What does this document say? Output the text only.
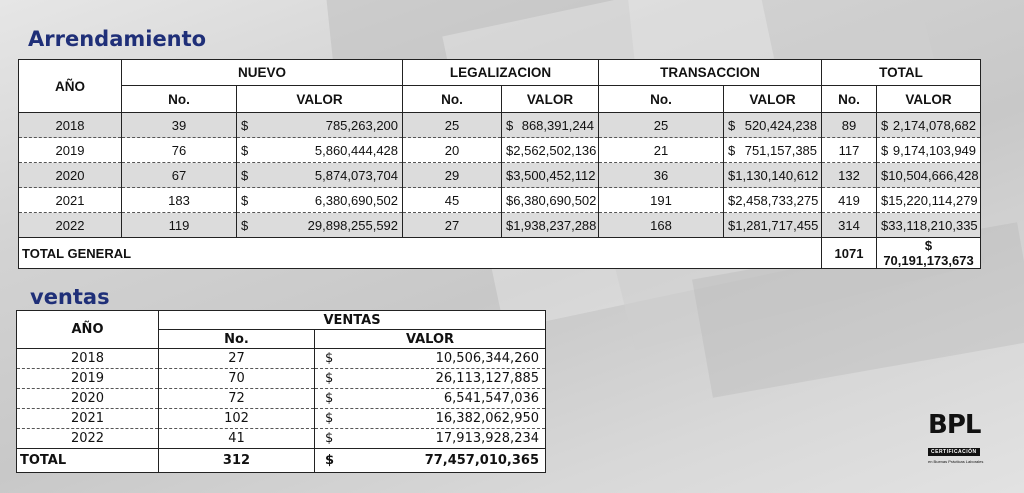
Arrendamiento
AÑO	NUEVO		LEGALIZACION		TRANSACCION		TOTAL	
	No.	VALOR	No.	VALOR	No.	VALOR	No.	VALOR
2018	39	$ 785,263,200	25	$ 868,391,244	25	$ 520,424,238	89	$ 2,174,078,682

2019	76	$ 5,860,444,428	20	$ 2,562,502,136	21	$ 751,157,385	117	$ 9,174,103,949

2020	67	$ 5,874,073,704	29	$ 3,500,452,112	36	$ 1,130,140,612	132	$ 10,504,666,428

2021	183	$ 6,380,690,502	45	$ 6,380,690,502	191	$ 2,458,733,275	419	$ 15,220,114,279

2022	119	$ 29,898,255,592	27	$ 1,938,237,288	168	$ 1,281,717,455	314	$ 33,118,210,335

TOTAL GENERAL							1071	$ 70,191,173,673
ventas
AÑO	VENTAS	
	No.	VALOR
2018	27	$ 10,506,344,260

2019	70	$ 26,113,127,885

2020	72	$ 6,541,547,036

2021	102	$ 16,382,062,950

2022	41	$ 17,913,928,234

TOTAL	312	$ 77,457,010,365
BPL
CERTIFICACIÓN
en Buenas Prácticas Laborales
